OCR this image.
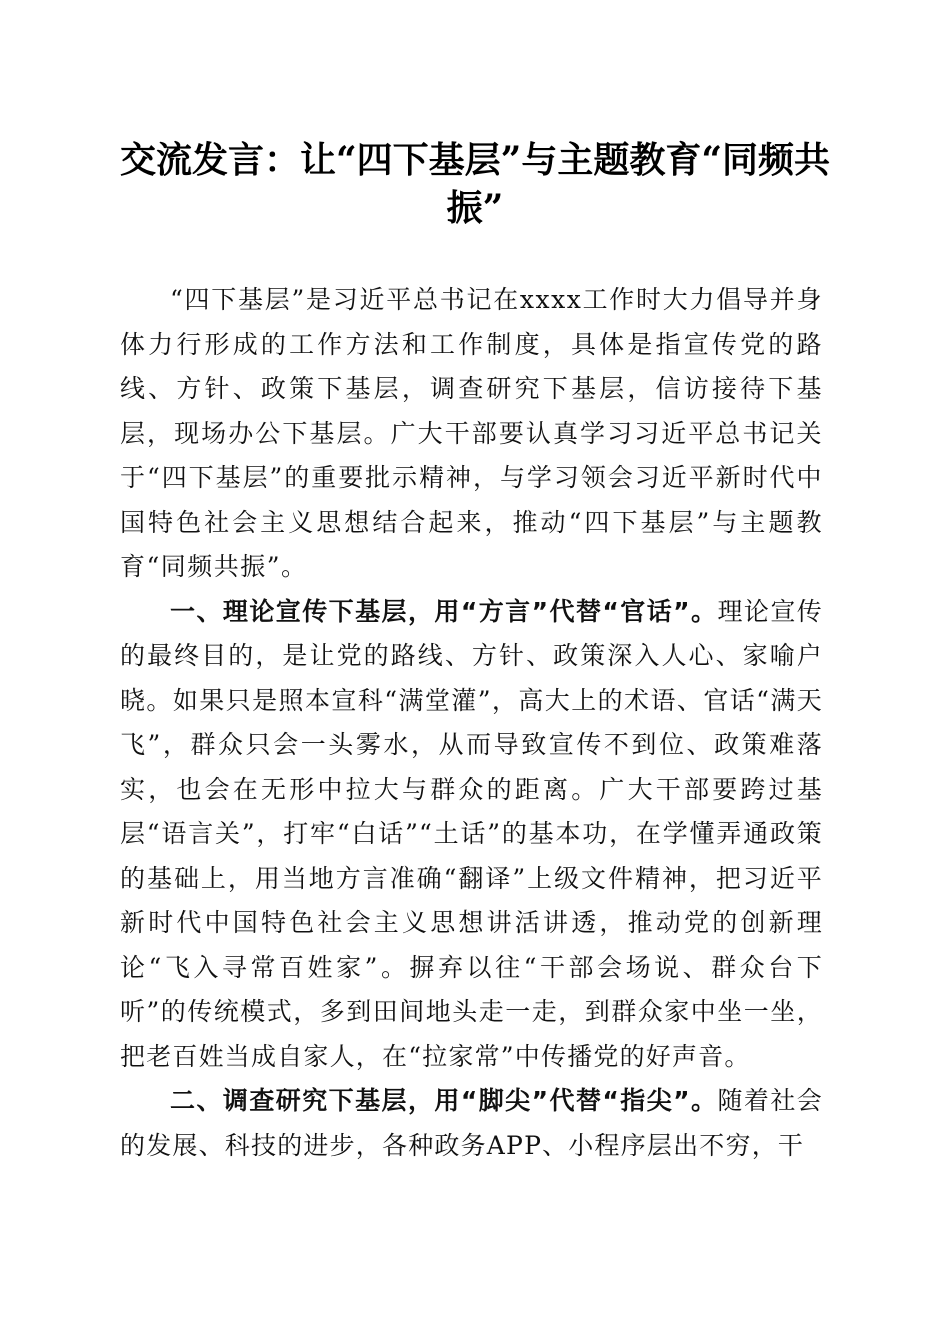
交流发言：让“四下基层”与主题教育“同频共振”

“四下基层”是习近平总书记在xxxx工作时大力倡导并身体力行形成的工作方法和工作制度，具体是指宣传党的路线、方针、政策下基层，调查研究下基层，信访接待下基层，现场办公下基层。广大干部要认真学习习近平总书记关于“四下基层”的重要批示精神，与学习领会习近平新时代中国特色社会主义思想结合起来，推动“四下基层”与主题教育“同频共振”。

一、理论宣传下基层，用“方言”代替“官话”。理论宣传的最终目的，是让党的路线、方针、政策深入人心、家喻户晓。如果只是照本宣科“满堂灌”，高大上的术语、官话“满天飞”，群众只会一头雾水，从而导致宣传不到位、政策难落实，也会在无形中拉大与群众的距离。广大干部要跨过基层“语言关”，打牢“白话”“土话”的基本功，在学懂弄通政策的基础上，用当地方言准确“翻译”上级文件精神，把习近平新时代中国特色社会主义思想讲活讲透，推动党的创新理论“飞入寻常百姓家”。摒弃以往“干部会场说、群众台下听”的传统模式，多到田间地头走一走，到群众家中坐一坐，把老百姓当成自家人，在“拉家常”中传播党的好声音。

二、调查研究下基层，用“脚尖”代替“指尖”。随着社会的发展、科技的进步，各种政务APP、小程序层出不穷，干
